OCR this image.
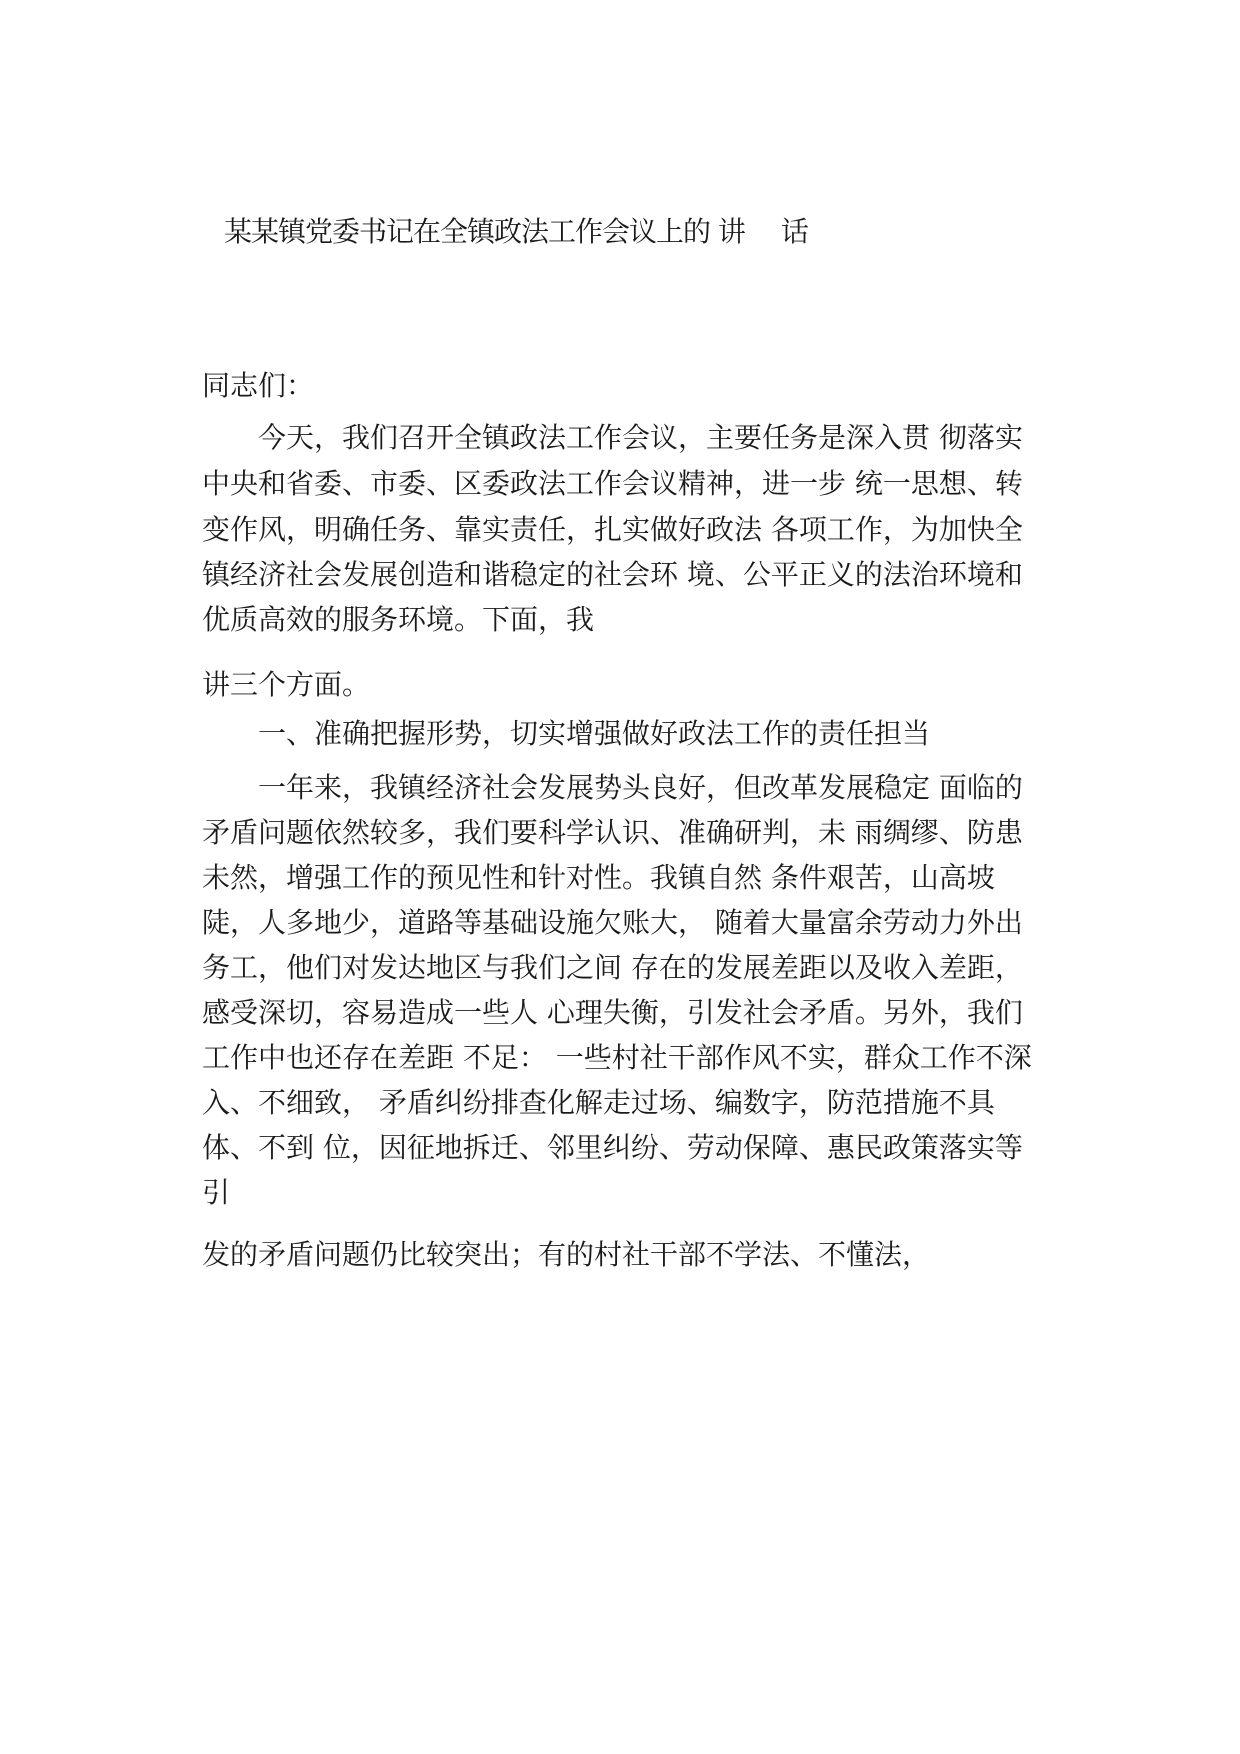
某某镇党委书记在全镇政法工作会议上的 讲 话
同志们：
　　今天，我们召开全镇政法工作会议，主要任务是深入贯 彻落实
中央和省委、市委、区委政法工作会议精神，进一步 统一思想、转
变作风，明确任务、靠实责任，扎实做好政法 各项工作，为加快全
镇经济社会发展创造和谐稳定的社会环 境、公平正义的法治环境和
优质高效的服务环境。下面，我
讲三个方面。
　　一、准确把握形势，切实增强做好政法工作的责任担当
　　一年来，我镇经济社会发展势头良好，但改革发展稳定 面临的
矛盾问题依然较多，我们要科学认识、准确研判，未 雨绸缪、防患
未然，增强工作的预见性和针对性。我镇自然 条件艰苦，山高坡
陡，人多地少，道路等基础设施欠账大， 随着大量富余劳动力外出
务工，他们对发达地区与我们之间 存在的发展差距以及收入差距，
感受深切，容易造成一些人 心理失衡，引发社会矛盾。另外，我们
工作中也还存在差距 不足： 一些村社干部作风不实，群众工作不深
入、不细致， 矛盾纠纷排查化解走过场、编数字，防范措施不具
体、不到 位，因征地拆迁、邻里纠纷、劳动保障、惠民政策落实等
引
发的矛盾问题仍比较突出；有的村社干部不学法、不懂法，
